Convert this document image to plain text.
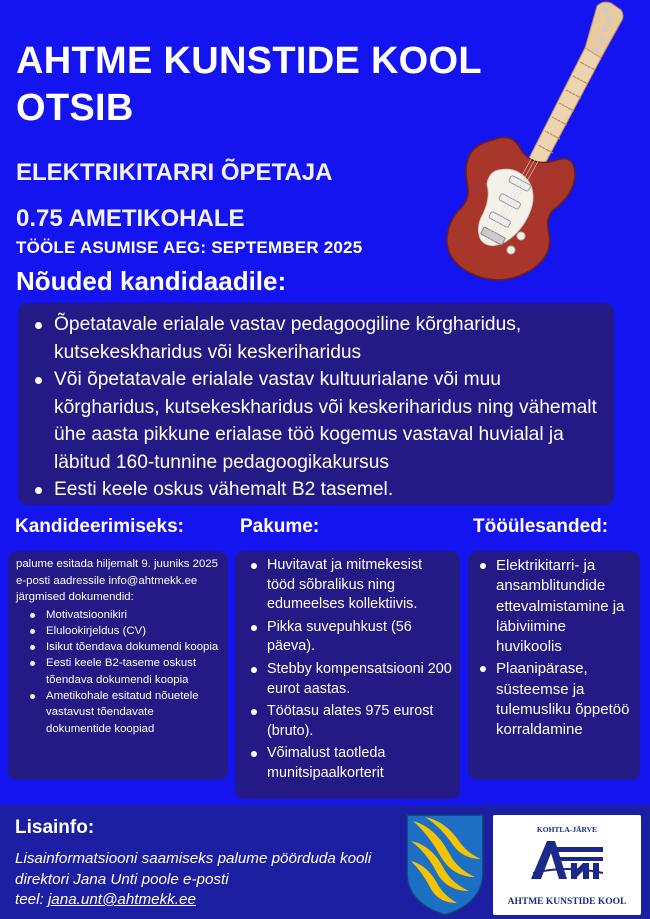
AHTME KUNSTIDE KOOL OTSIB
ELEKTRIKITARRI ÕPETAJA
0.75 AMETIKOHALE
TÖÖLE ASUMISE AEG: SEPTEMBER 2025
Nõuded kandidaadile:
Õpetatavale erialale vastav pedagoogiline kõrgharidus, kutsekeskharidus või keskeriharidus
Või õpetatavale erialale vastav kultuurialane või muu kõrgharidus, kutsekeskharidus või keskeriharidus ning vähemalt ühe aasta pikkune erialase töö kogemus vastaval huvialal ja läbitud 160-tunnine pedagoogikakursus
Eesti keele oskus vähemalt B2 tasemel.
Kandideerimiseks:	Pakume:	Tööülesanded:
palume esitada hiljemalt 9. juuniks 2025 e-posti aadressile info@ahtmekk.ee järgmised dokumendid:
Motivatsioonikiri
Elulookirjeldus (CV)
Isikut tõendava dokumendi koopia
Eesti keele B2-taseme oskust tõendava dokumendi koopia
Ametikohale esitatud nõuetele vastavust tõendavate dokumentide koopiad
Huvitavat ja mitmekesist tööd sõbralikus ning edumeelses kollektiivis.
Pikka suvepuhkust (56 päeva).
Stebby kompensatsiooni 200 eurot aastas.
Töötasu alates 975 eurost (bruto).
Võimalust taotleda munitsipaalkorterit
Elektrikitarri- ja ansamblitundide ettevalmistamine ja läbiviimine huvikoolis
Plaanipärase, süsteemse ja tulemusliku õppetöö korraldamine
Lisainfo:
Lisainformatsiooni saamiseks palume pöörduda kooli direktori Jana Unti poole e-posti
teel: jana.unt@ahtmekk.ee
KOHTLA-JÄRVE
AHTME KUNSTIDE KOOL
